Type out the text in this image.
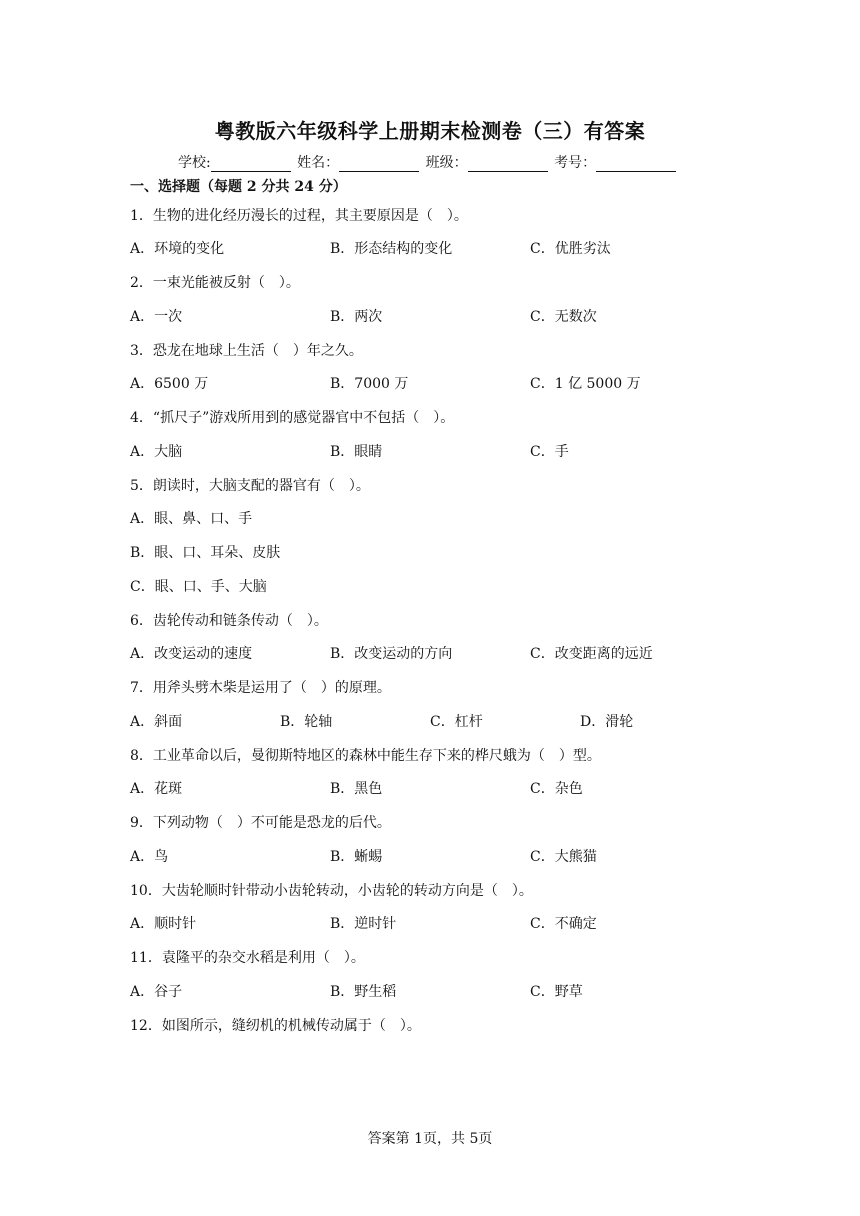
粤教版六年级科学上册期末检测卷（三）有答案
学校:	姓名：	班级：	考号：
一、选择题（每题 2 分共 24 分）
1．生物的进化经历漫长的过程，其主要原因是（　）。
A．环境的变化	B．形态结构的变化	C．优胜劣汰
2．一束光能被反射（　）。
A．一次	B．两次	C．无数次
3．恐龙在地球上生活（　）年之久。
A．6500 万	B．7000 万	C．1 亿 5000 万
4．“抓尺子”游戏所用到的感觉器官中不包括（　）。
A．大脑	B．眼睛	C．手
5．朗读时，大脑支配的器官有（　）。
A．眼、鼻、口、手
B．眼、口、耳朵、皮肤
C．眼、口、手、大脑
6．齿轮传动和链条传动（　）。
A．改变运动的速度	B．改变运动的方向	C．改变距离的远近
7．用斧头劈木柴是运用了（　）的原理。
A．斜面	B．轮轴	C．杠杆	D．滑轮
8．工业革命以后，曼彻斯特地区的森林中能生存下来的桦尺蛾为（　）型。
A．花斑	B．黑色	C．杂色
9．下列动物（　）不可能是恐龙的后代。
A．鸟	B．蜥蜴	C．大熊猫
10．大齿轮顺时针带动小齿轮转动，小齿轮的转动方向是（　）。
A．顺时针	B．逆时针	C．不确定
11．袁隆平的杂交水稻是利用（　）。
A．谷子	B．野生稻	C．野草
12．如图所示，缝纫机的机械传动属于（　）。
答案第 1页，共 5页
